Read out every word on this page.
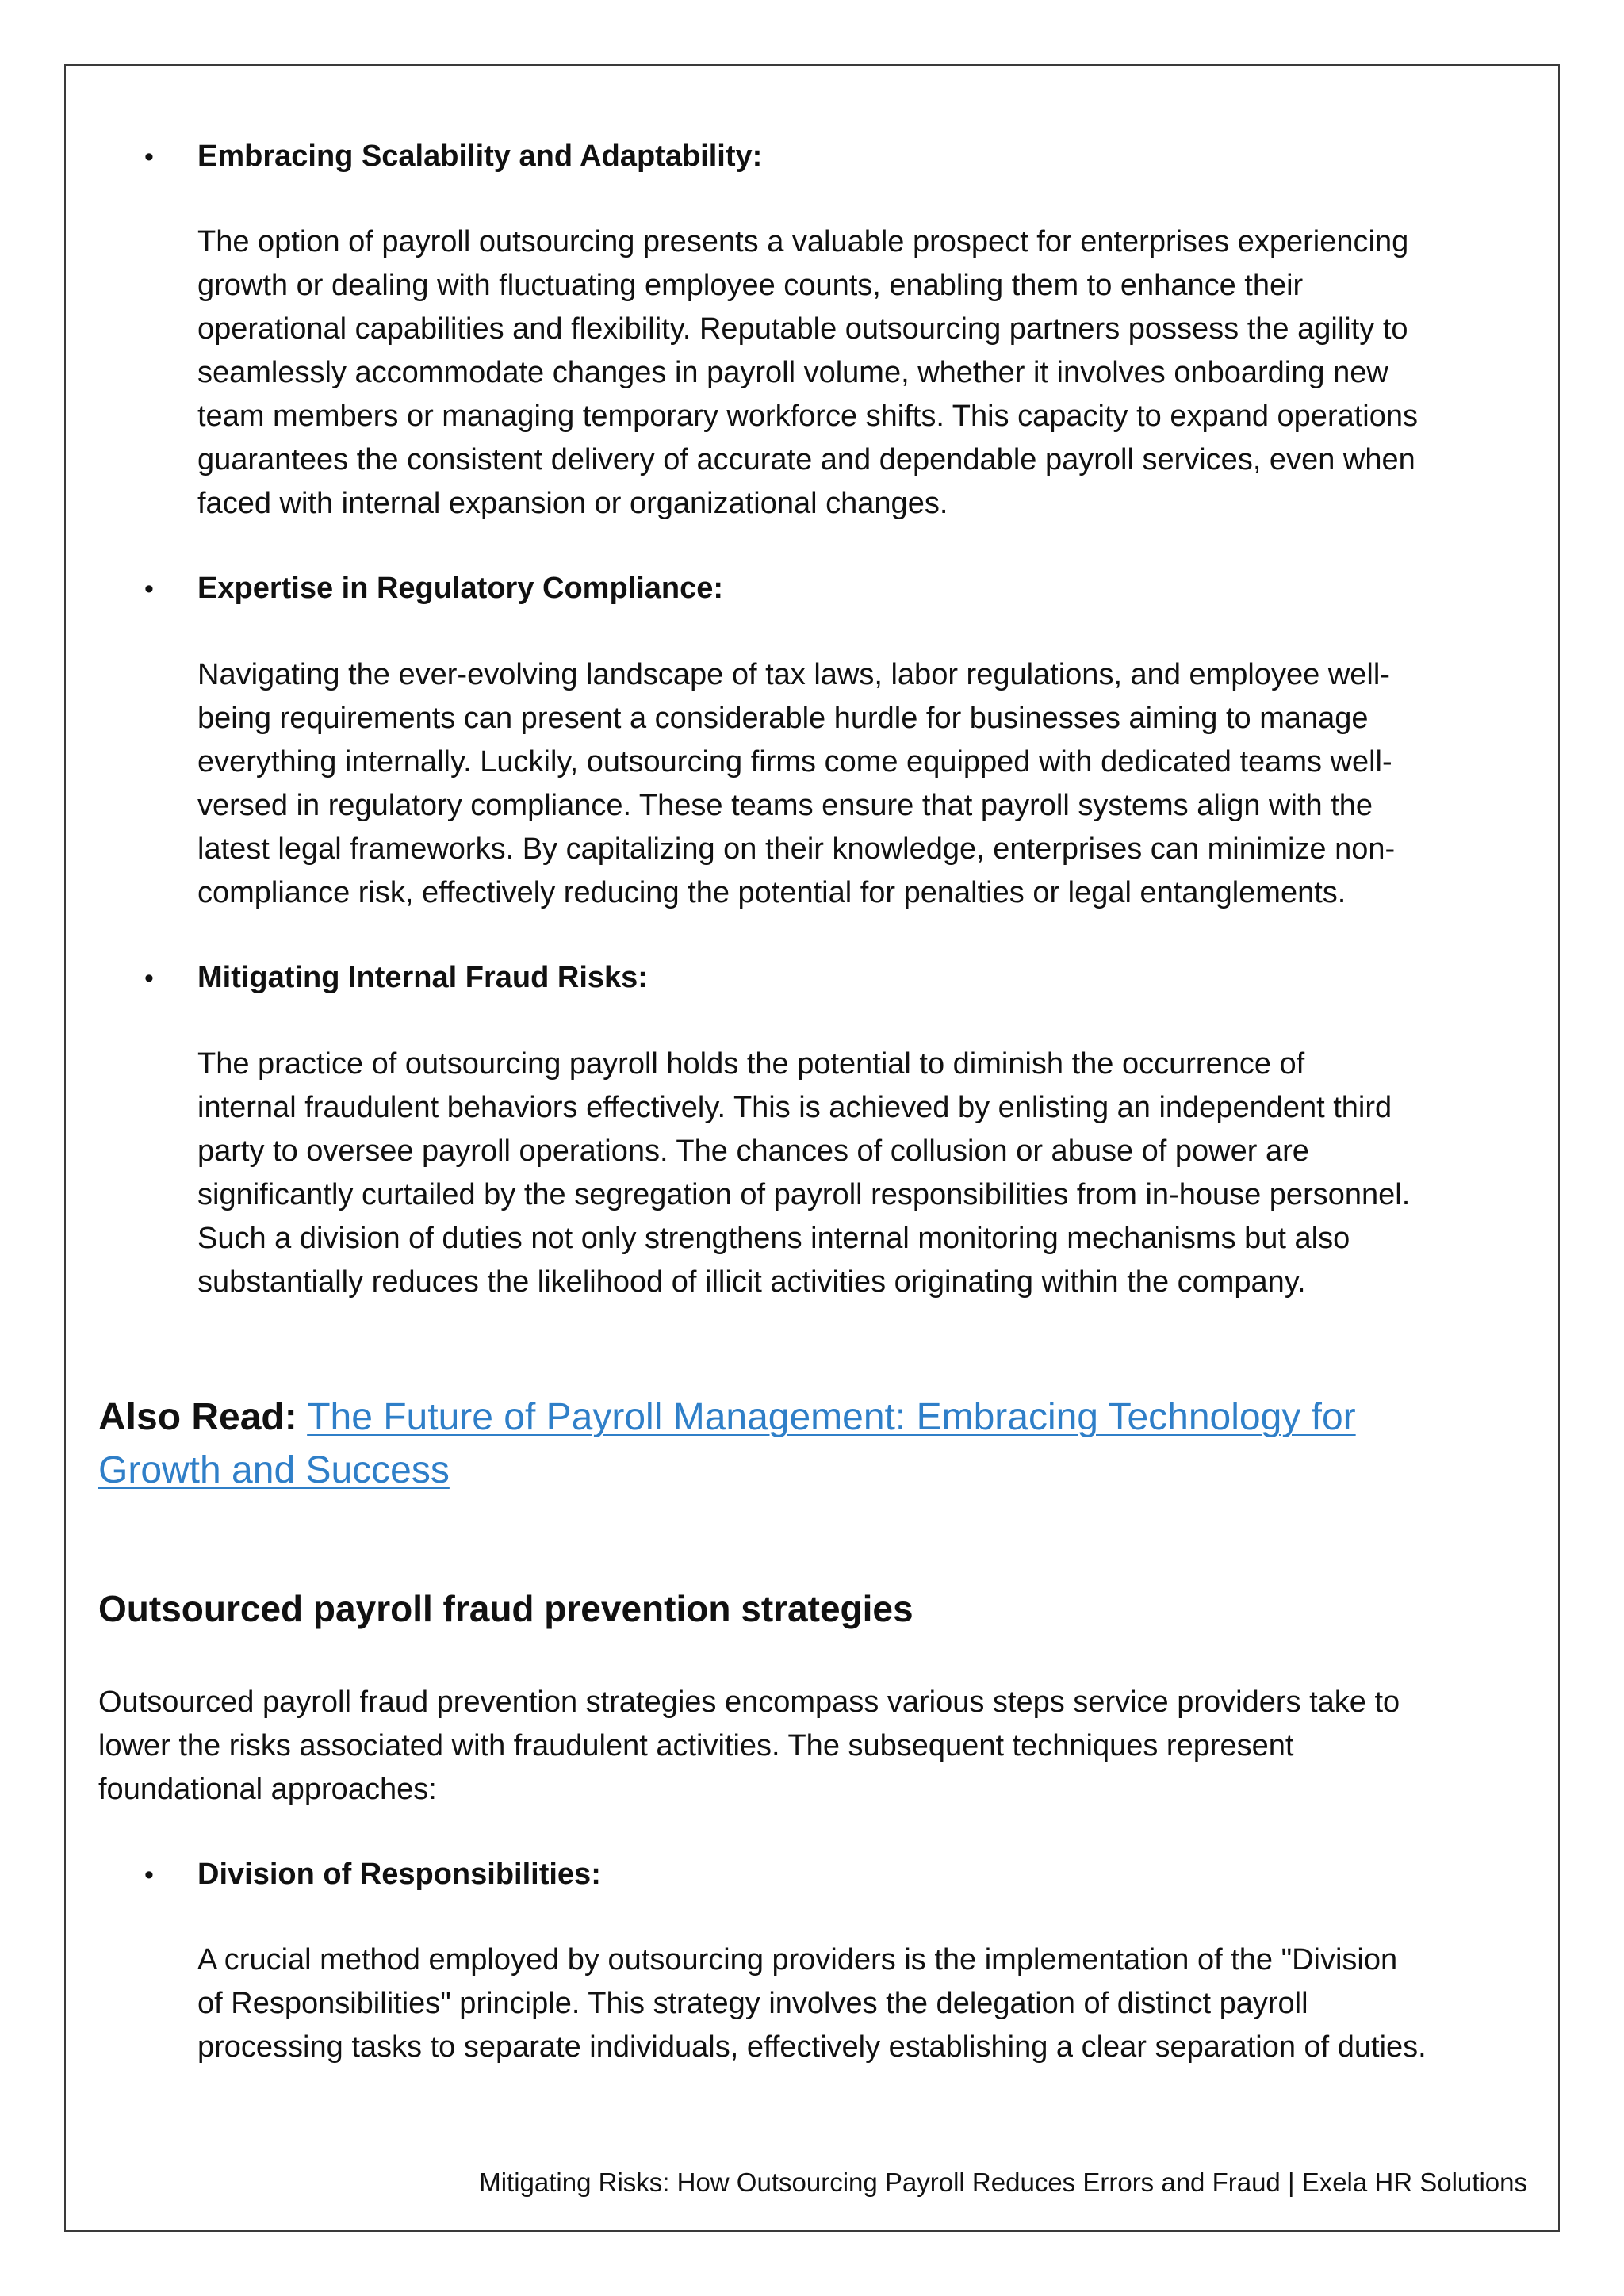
•	Embracing Scalability and Adaptability:
The option of payroll outsourcing presents a valuable prospect for enterprises experiencing
growth or dealing with fluctuating employee counts, enabling them to enhance their
operational capabilities and flexibility. Reputable outsourcing partners possess the agility to
seamlessly accommodate changes in payroll volume, whether it involves onboarding new
team members or managing temporary workforce shifts. This capacity to expand operations
guarantees the consistent delivery of accurate and dependable payroll services, even when
faced with internal expansion or organizational changes.
•	Expertise in Regulatory Compliance:
Navigating the ever-evolving landscape of tax laws, labor regulations, and employee well-
being requirements can present a considerable hurdle for businesses aiming to manage
everything internally. Luckily, outsourcing firms come equipped with dedicated teams well-
versed in regulatory compliance. These teams ensure that payroll systems align with the
latest legal frameworks. By capitalizing on their knowledge, enterprises can minimize non-
compliance risk, effectively reducing the potential for penalties or legal entanglements.
•	Mitigating Internal Fraud Risks:
The practice of outsourcing payroll holds the potential to diminish the occurrence of
internal fraudulent behaviors effectively. This is achieved by enlisting an independent third
party to oversee payroll operations. The chances of collusion or abuse of power are
significantly curtailed by the segregation of payroll responsibilities from in-house personnel.
Such a division of duties not only strengthens internal monitoring mechanisms but also
substantially reduces the likelihood of illicit activities originating within the company.
Also Read: The Future of Payroll Management: Embracing Technology for
Growth and Success
Outsourced payroll fraud prevention strategies
Outsourced payroll fraud prevention strategies encompass various steps service providers take to
lower the risks associated with fraudulent activities. The subsequent techniques represent
foundational approaches:
•	Division of Responsibilities:
A crucial method employed by outsourcing providers is the implementation of the "Division
of Responsibilities" principle. This strategy involves the delegation of distinct payroll
processing tasks to separate individuals, effectively establishing a clear separation of duties.
Mitigating Risks: How Outsourcing Payroll Reduces Errors and Fraud | Exela HR Solutions
